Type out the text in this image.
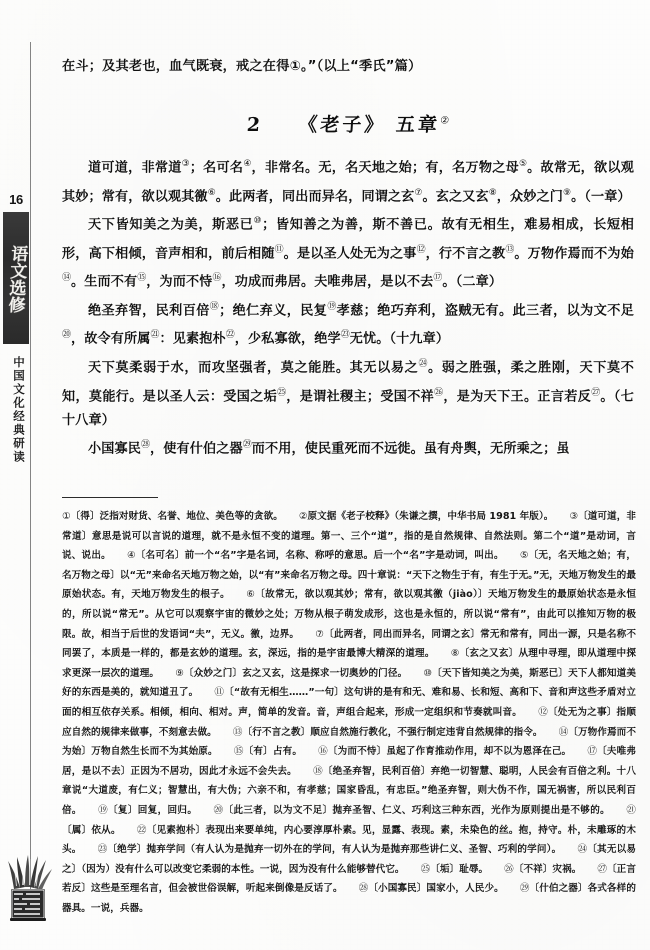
16
语文选修
中国文化经典研读
在斗；及其老也，血气既衰，戒之在得①。”（以上“季氏”篇）
2 《老子》 五章②

道可道，非常道③；名可名④，非常名。无，名天地之始；有，名万物之母⑤。故常无，欲以观其妙；常有，欲以观其徼⑥。此两者，同出而异名，同谓之玄⑦。玄之又玄⑧，众妙之门⑨。（一章）

天下皆知美之为美，斯恶已⑩；皆知善之为善，斯不善已。故有无相生，难易相成，长短相形，高下相倾，音声相和，前后相随⑪。是以圣人处无为之事⑫，行不言之教⑬。万物作焉而不为始⑭。生而不有⑮，为而不恃⑯，功成而弗居。夫唯弗居，是以不去⑰。（二章）

绝圣弃智，民利百倍⑱；绝仁弃义，民复⑲孝慈；绝巧弃利，盗贼无有。此三者，以为文不足⑳，故令有所属$^㉑$：见素抱朴$^㉒$，少私寡欲，绝学$^㉓$无忧。（十九章）

天下莫柔弱于水，而攻坚强者，莫之能胜。其无以易之$^㉔$。弱之胜强，柔之胜刚，天下莫不知，莫能行。是以圣人云：受国之垢$^㉕$，是谓社稷主；受国不祥$^㉖$，是为天下王。正言若反$^㉗$。（七十八章）

小国寡民$^㉘$，使有什伯之器$^㉙$而不用，使民重死而不远徙。虽有舟舆，无所乘之；虽

①〔得〕泛指对财货、名誉、地位、美色等的贪欲。 ②原文据《老子校释》（朱谦之撰，中华书局 1981 年版）。 ③〔道可道，非常道〕意思是说可以言说的道理，就不是永恒不变的道理。第一、三个“道”，指的是自然规律、自然法则。第二个“道”是动词，言说、说出。 ④〔名可名〕前一个“名”字是名词，名称、称呼的意思。后一个“名”字是动词，叫出。 ⑤〔无，名天地之始；有，名万物之母〕以“无”来命名天地万物之始，以“有”来命名万物之母。四十章说：“天下之物生于有，有生于无。”无，天地万物发生的最原始状态。有，天地万物发生的根子。 ⑥〔故常无，欲以观其妙；常有，欲以观其徼（jiào）〕天地万物发生的最原始状态是永恒的，所以说“常无”。从它可以观察宇宙的微妙之处；万物从根子萌发成形，这也是永恒的，所以说“常有”，由此可以推知万物的极限。故，相当于后世的发语词“夫”，无义。徼，边界。 ⑦〔此两者，同出而异名，同谓之玄〕常无和常有，同出一源，只是名称不同罢了，本质是一样的，都是玄妙的道理。玄，深远，指的是宇宙最博大精深的道理。 ⑧〔玄之又玄〕从理中寻理，即从道理中探求更深一层次的道理。 ⑨〔众妙之门〕玄之又玄，这是探求一切奥妙的门径。 ⑩〔天下皆知美之为美，斯恶已〕天下人都知道美好的东西是美的，就知道丑了。 ⑪〔“故有无相生……”一句〕这句讲的是有和无、难和易、长和短、高和下、音和声这些矛盾对立面的相互依存关系。相倾，相向、相对。声，简单的发音。音，声组合起来，形成一定组织和节奏就叫音。 ⑫〔处无为之事〕指顺应自然的规律来做事，不刻意去做。 ⑬〔行不言之教〕顺应自然施行教化，不强行制定违背自然规律的指令。 ⑭〔万物作焉而不为始〕万物自然生长而不为其始原。 ⑮〔有〕占有。 ⑯〔为而不恃〕虽起了作育推动作用，却不以为恩泽在己。 ⑰〔夫唯弗居，是以不去〕正因为不居功，因此才永远不会失去。 ⑱〔绝圣弃智，民利百倍〕弃绝一切智慧、聪明，人民会有百倍之利。十八章说“大道废，有仁义；智慧出，有大伪；六亲不和，有孝慈；国家昏乱，有忠臣。”绝圣弃智，则大伪不作，国无祸害，所以民利百倍。 ⑲〔复〕回复，回归。 ⑳〔此三者，以为文不足〕抛弃圣智、仁义、巧利这三种东西，光作为原则提出是不够的。 ㉑〔属〕依从。 ㉒〔见素抱朴〕表现出来要单纯，内心要淳厚朴素。见，显露、表现。素，未染色的丝。抱，持守。朴，未雕琢的木头。 ㉓〔绝学〕抛弃学问（有人认为是抛弃一切外在的学问，有人认为是抛弃那些讲仁义、圣智、巧利的学问）。 ㉔〔其无以易之〕（因为）没有什么可以改变它柔弱的本性。一说，因为没有什么能够替代它。 ㉕〔垢〕耻辱。 ㉖〔不祥〕灾祸。 ㉗〔正言若反〕这些是至理名言，但会被世俗误解，听起来倒像是反话了。 ㉘〔小国寡民〕国家小，人民少。 ㉙〔什伯之器〕各式各样的器具。一说，兵器。
